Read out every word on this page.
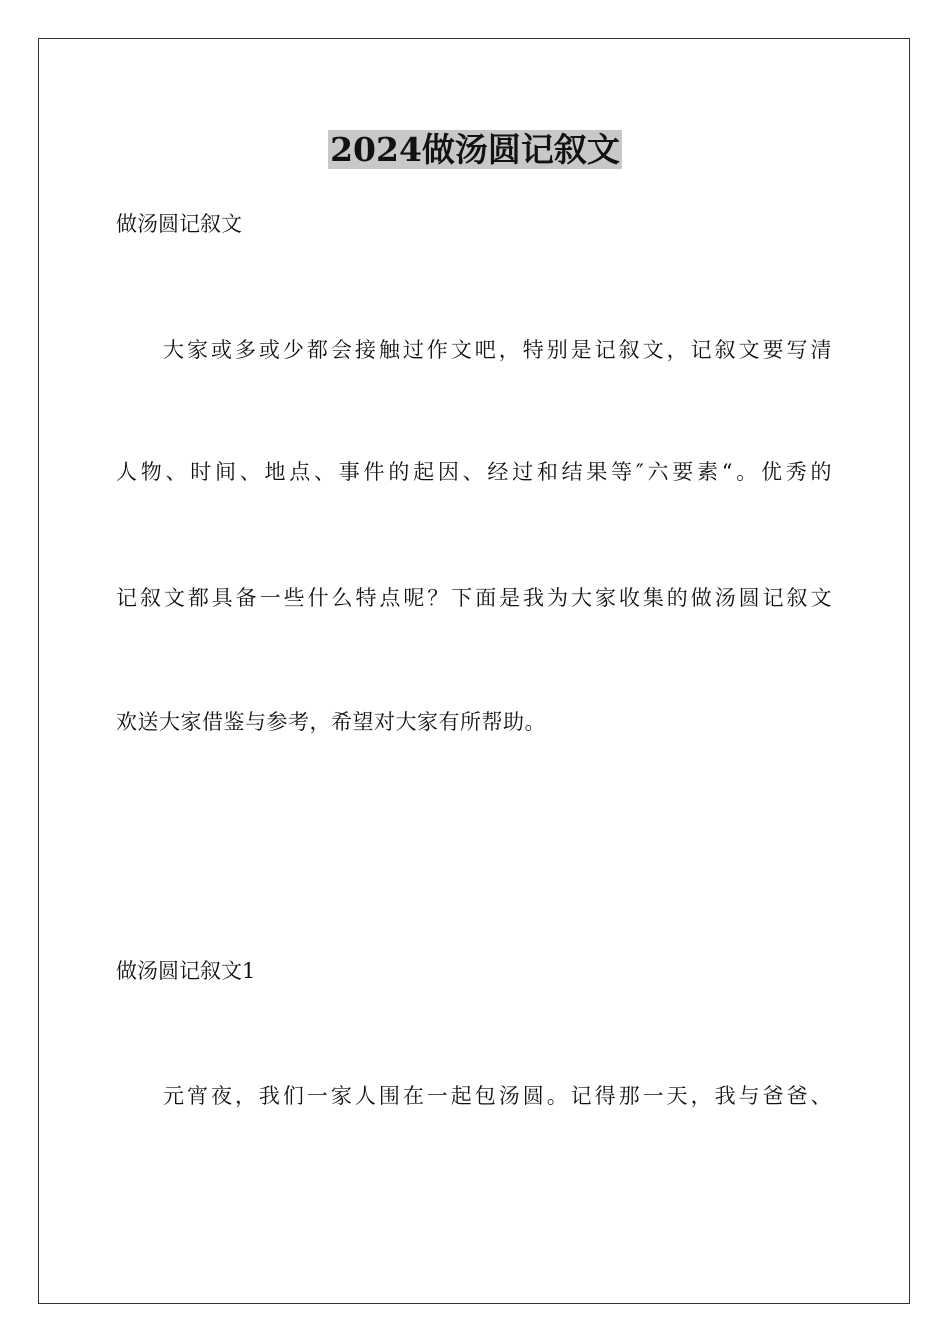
2024做汤圆记叙文

做汤圆记叙文

大家或多或少都会接触过作文吧，特别是记叙文，记叙文要写清

人物、时间、地点、事件的起因、经过和结果等″六要素“。优秀的

记叙文都具备一些什么特点呢？下面是我为大家收集的做汤圆记叙文

欢送大家借鉴与参考，希望对大家有所帮助。

做汤圆记叙文1

元宵夜，我们一家人围在一起包汤圆。记得那一天，我与爸爸、
